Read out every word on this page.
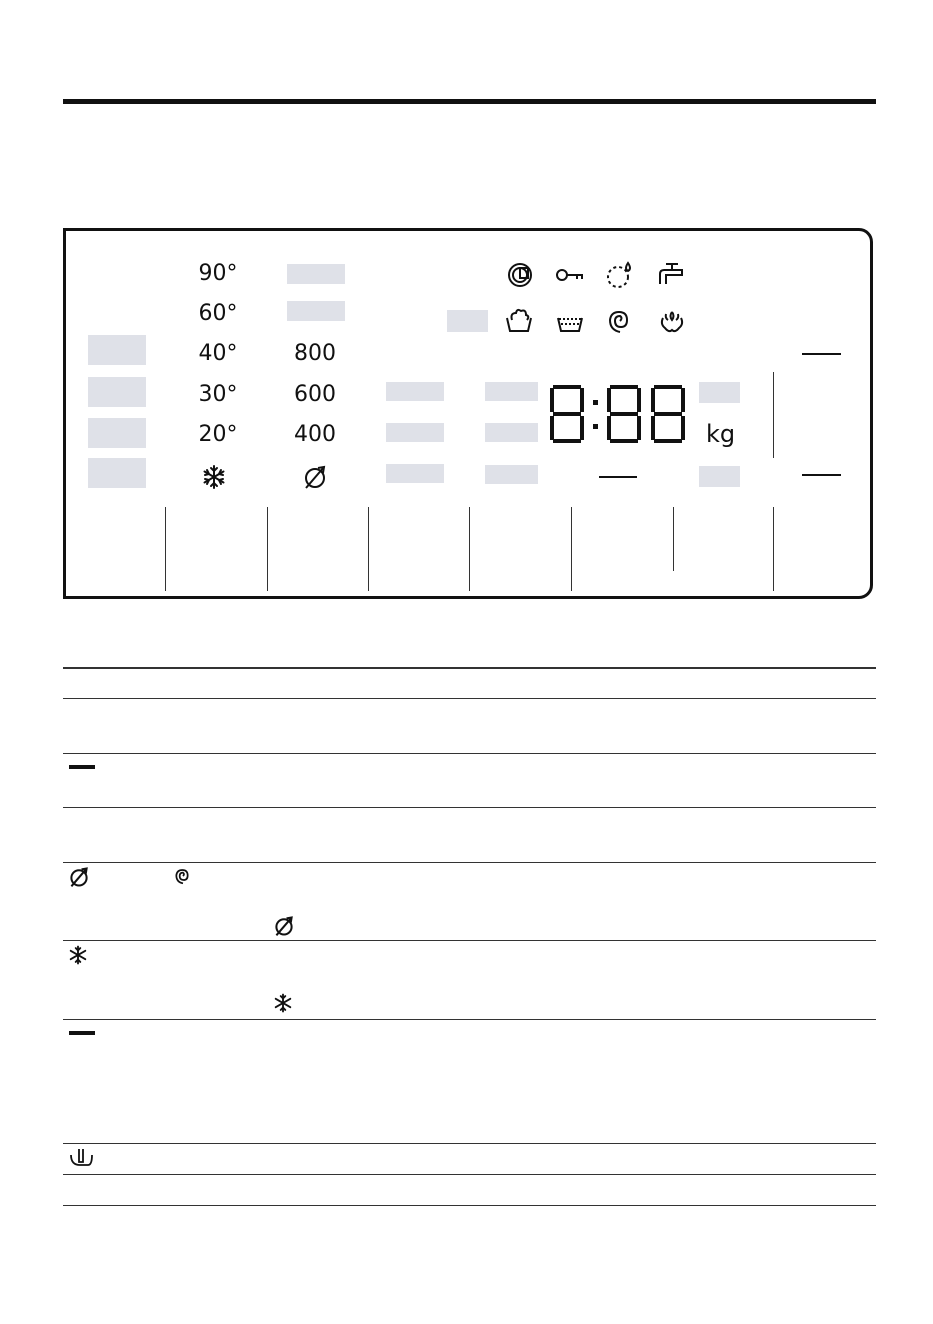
90°
60°
40°
30°
20°
800
600
400	kg
